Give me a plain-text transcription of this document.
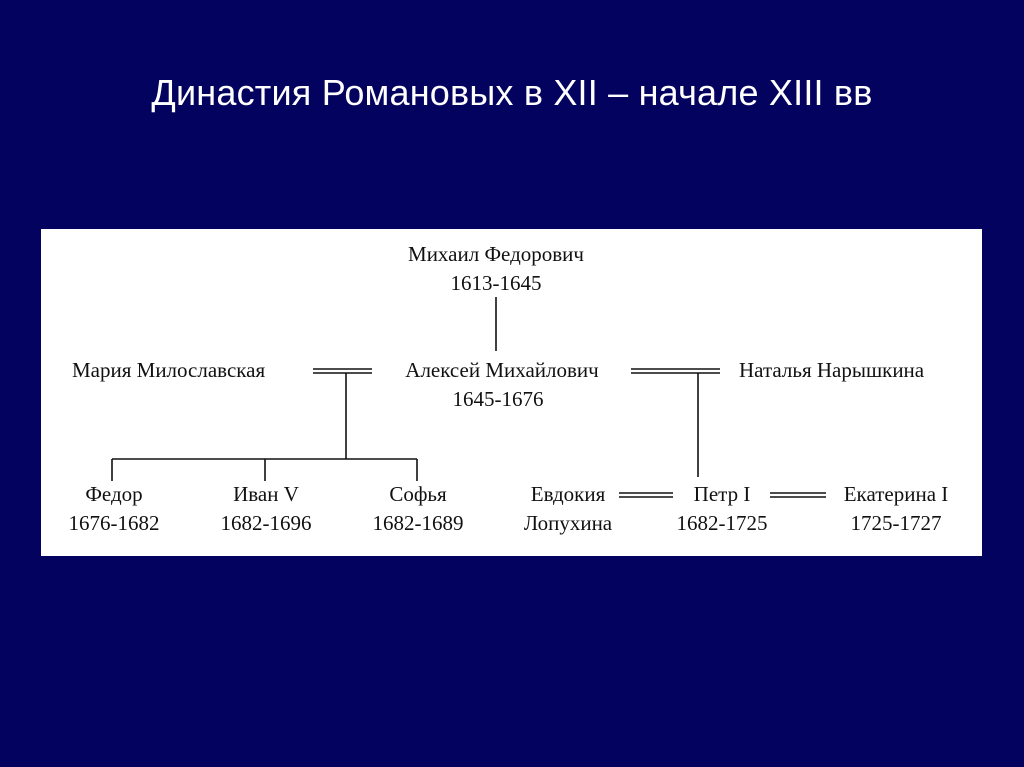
Династия Романовых в XII – начале XIII вв
Михаил Федорович
1613-1645
Мария Милославская	Алексей Михайлович
1645-1676
Наталья Нарышкина
Федор
1676-1682
Иван V
1682-1696
Софья
1682-1689
Евдокия
Лопухина
Петр I
1682-1725
Екатерина I
1725-1727
